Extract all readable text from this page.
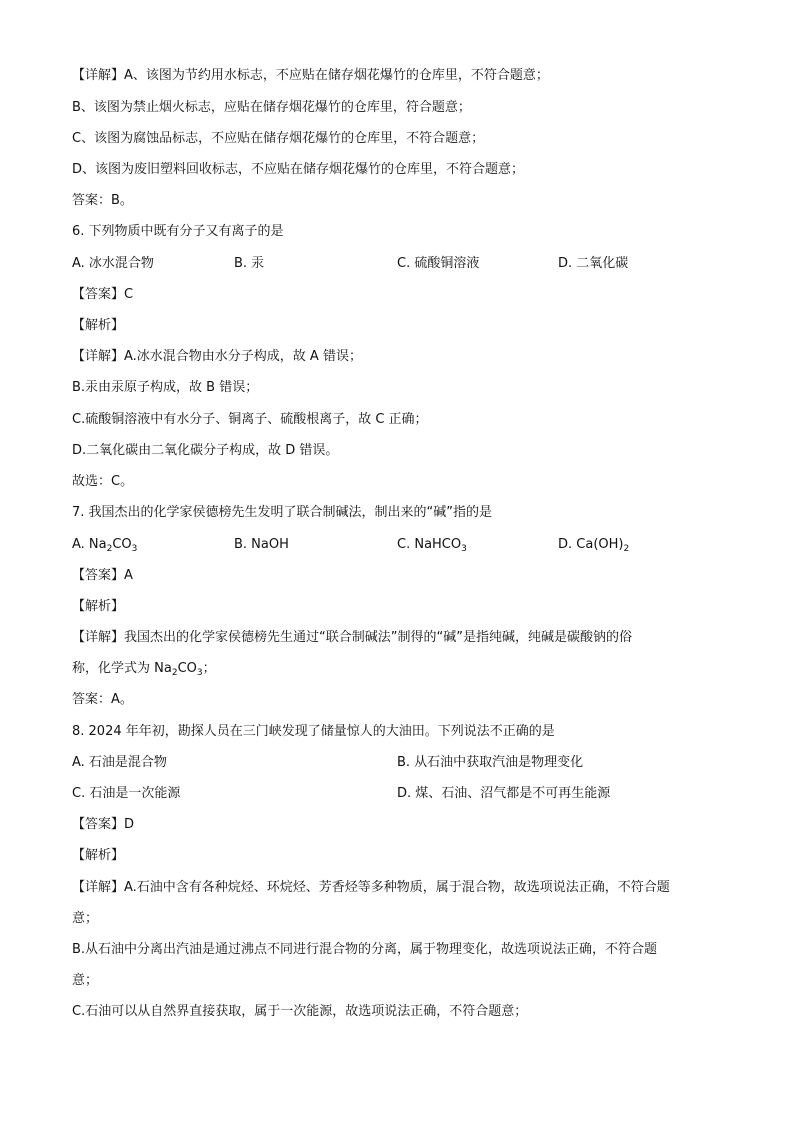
【详解】A、该图为节约用水标志，不应贴在储存烟花爆竹的仓库里，不符合题意；

B、该图为禁止烟火标志，应贴在储存烟花爆竹的仓库里，符合题意；

C、该图为腐蚀品标志，不应贴在储存烟花爆竹的仓库里，不符合题意；

D、该图为废旧塑料回收标志，不应贴在储存烟花爆竹的仓库里，不符合题意；

答案：B。

6. 下列物质中既有分子又有离子的是

A. 冰水混合物	B. 汞	C. 硫酸铜溶液	D. 二氧化碳

【答案】C

【解析】

【详解】A.冰水混合物由水分子构成，故 A 错误；

B.汞由汞原子构成，故 B 错误；

C.硫酸铜溶液中有水分子、铜离子、硫酸根离子，故 C 正确；

D.二氧化碳由二氧化碳分子构成，故 D 错误。

故选：C。

7. 我国杰出的化学家侯德榜先生发明了联合制碱法，制出来的“碱”指的是

A. $Na_2CO_3$	B. NaOH	C. NaHCO$_3$	D. $Ca(OH)_2$

【答案】A

【解析】

【详解】我国杰出的化学家侯德榜先生通过“联合制碱法”制得的“碱”是指纯碱，纯碱是碳酸钠的俗

称，化学式为 $Na_2CO_3$；

答案：A。

8. 2024 年年初，勘探人员在三门峡发现了储量惊人的大油田。下列说法不正确的是

A. 石油是混合物	B. 从石油中获取汽油是物理变化
C. 石油是一次能源	D. 煤、石油、沼气都是不可再生能源

【答案】D

【解析】

【详解】A.石油中含有各种烷烃、环烷烃、芳香烃等多种物质，属于混合物，故选项说法正确，不符合题

意；

B.从石油中分离出汽油是通过沸点不同进行混合物的分离，属于物理变化，故选项说法正确，不符合题

意；

C.石油可以从自然界直接获取，属于一次能源，故选项说法正确，不符合题意；
